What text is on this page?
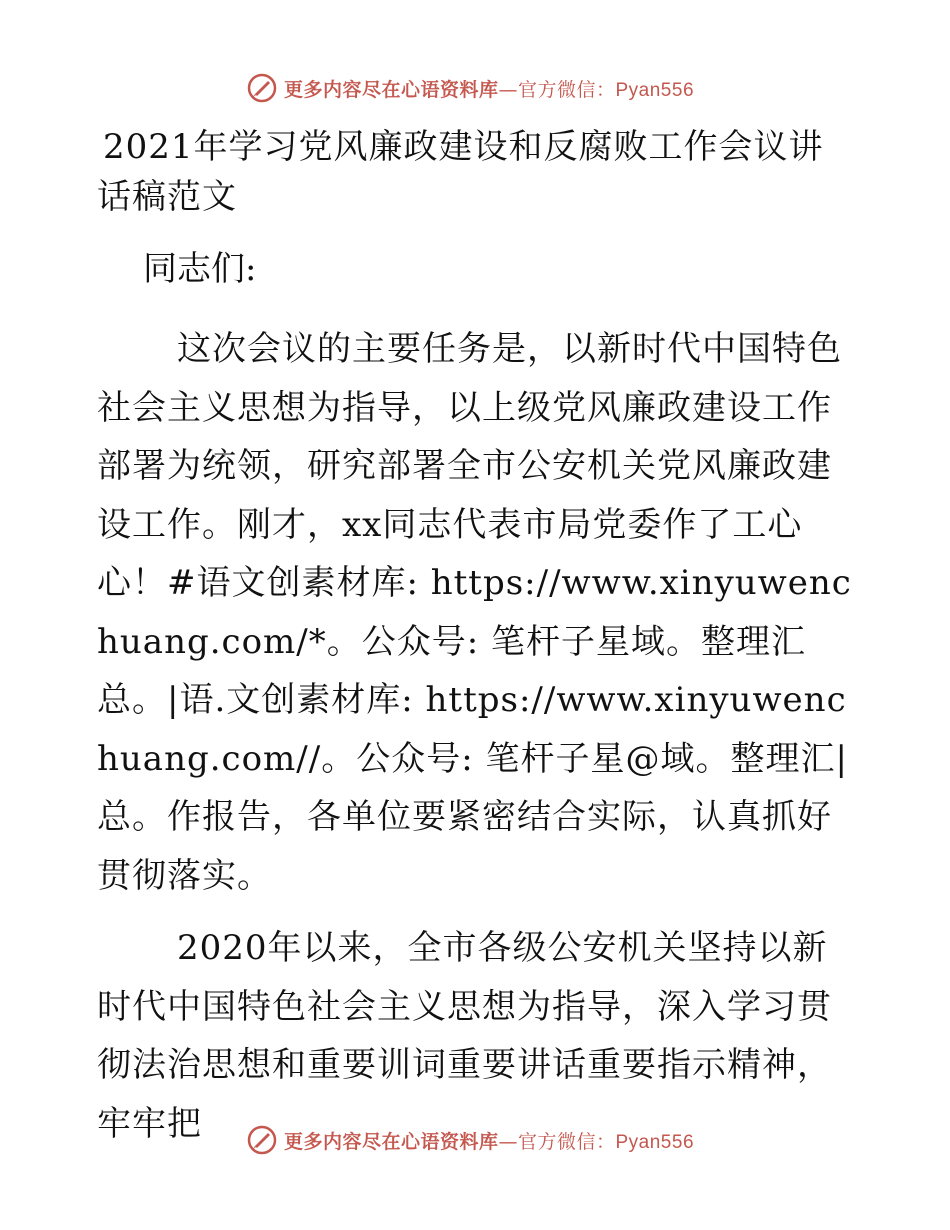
更多内容尽在心语资料库—官方微信：Pyan556
2021年学习党风廉政建设和反腐败工作会议讲话稿范文

同志们:

这次会议的主要任务是，以新时代中国特色社会主义思想为指导，以上级党风廉政建设工作部署为统领，研究部署全市公安机关党风廉政建设工作。刚才，xx同志代表市局党委作了工心心！#语文创素材库: https://www.xinyuwenchuang.com/*。公众号: 笔杆子星域。整理汇总。|语.文创素材库: https://www.xinyuwenchuang.com//。公众号: 笔杆子星@域。整理汇|总。作报告，各单位要紧密结合实际，认真抓好贯彻落实。

2020年以来，全市各级公安机关坚持以新时代中国特色社会主义思想为指导，深入学习贯彻法治思想和重要训词重要讲话重要指示精神，牢牢把	更多内容尽在心语资料库—官方微信：Pyan556
